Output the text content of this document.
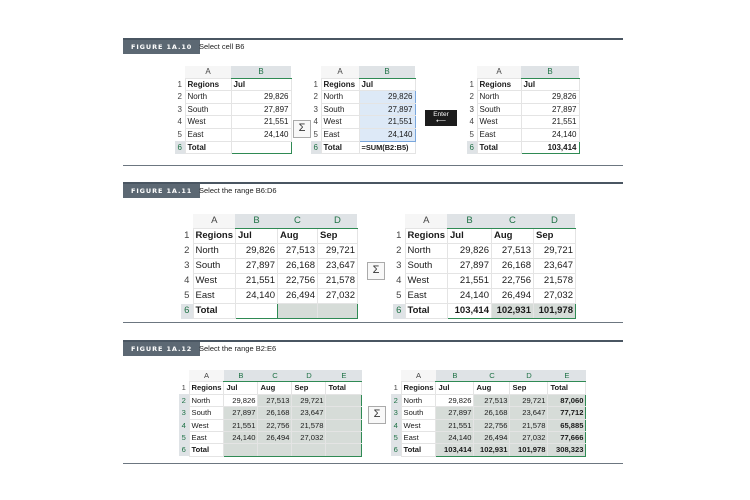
FIGURE 1A.10 Select cell B6
	A	B
1	Regions	Jul
2	North	29,826
3	South	27,897
4	West	21,551
5	East	24,140
6	Total	
Σ
	A	B
1	Regions	Jul
2	North	29,826
3	South	27,897
4	West	21,551
5	East	24,140
6	Total	=SUM(B2:B5)
Enter
⟵
	A	B
1	Regions	Jul
2	North	29,826
3	South	27,897
4	West	21,551
5	East	24,140
6	Total	103,414
FIGURE 1A.11 Select the range B6:D6
	A	B	C	D
1	Regions	Jul	Aug	Sep
2	North	29,826	27,513	29,721
3	South	27,897	26,168	23,647
4	West	21,551	22,756	21,578
5	East	24,140	26,494	27,032
6	Total			
Σ
	A	B	C	D
1	Regions	Jul	Aug	Sep
2	North	29,826	27,513	29,721
3	South	27,897	26,168	23,647
4	West	21,551	22,756	21,578
5	East	24,140	26,494	27,032
6	Total	103,414	102,931	101,978
FIGURE 1A.12 Select the range B2:E6
	A	B	C	D	E
1	Regions	Jul	Aug	Sep	Total
2	North	29,826	27,513	29,721	
3	South	27,897	26,168	23,647	
4	West	21,551	22,756	21,578	
5	East	24,140	26,494	27,032	
6	Total				
Σ
	A	B	C	D	E
1	Regions	Jul	Aug	Sep	Total
2	North	29,826	27,513	29,721	87,060
3	South	27,897	26,168	23,647	77,712
4	West	21,551	22,756	21,578	65,885
5	East	24,140	26,494	27,032	77,666
6	Total	103,414	102,931	101,978	308,323
